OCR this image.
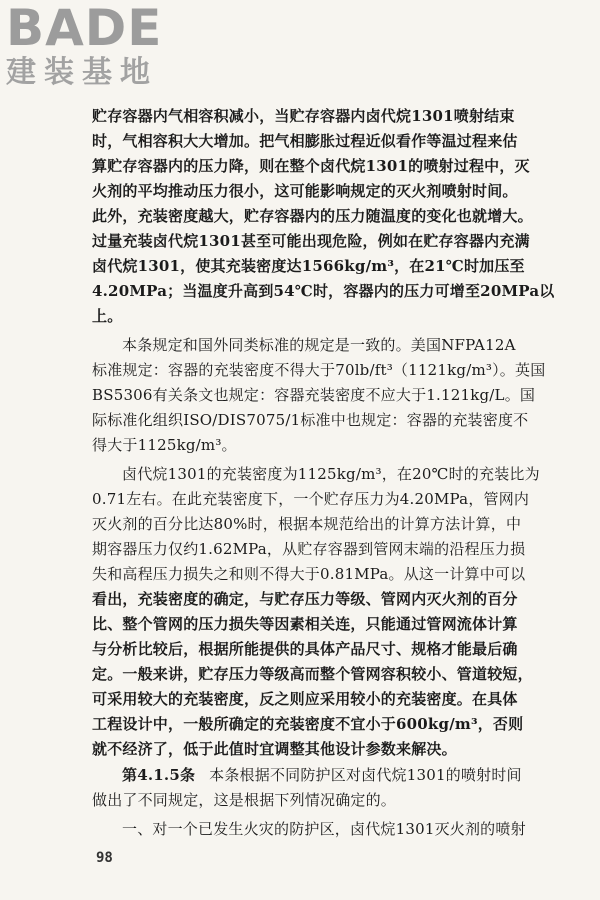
BADE
建装基地
贮存容器内气相容积减小，当贮存容器内卤代烷1301喷射结束
时，气相容积大大增加。把气相膨胀过程近似看作等温过程来估
算贮存容器内的压力降，则在整个卤代烷1301的喷射过程中，灭
火剂的平均推动压力很小，这可能影响规定的灭火剂喷射时间。
此外，充装密度越大，贮存容器内的压力随温度的变化也就增大。
过量充装卤代烷1301甚至可能出现危险，例如在贮存容器内充满
卤代烷1301，使其充装密度达1566kg/m³，在21℃时加压至
4.20MPa；当温度升高到54℃时，容器内的压力可增至20MPa以
上。
本条规定和国外同类标准的规定是一致的。美国NFPA12A
标准规定：容器的充装密度不得大于70lb/ft³（1121kg/m³）。英国
BS5306有关条文也规定：容器充装密度不应大于1.121kg/L。国
际标准化组织ISO/DIS7075/1标准中也规定：容器的充装密度不
得大于1125kg/m³。
卤代烷1301的充装密度为1125kg/m³，在20℃时的充装比为
0.71左右。在此充装密度下，一个贮存压力为4.20MPa，管网内
灭火剂的百分比达80%时，根据本规范给出的计算方法计算，中
期容器压力仅约1.62MPa，从贮存容器到管网末端的沿程压力损
失和高程压力损失之和则不得大于0.81MPa。从这一计算中可以
看出，充装密度的确定，与贮存压力等级、管网内灭火剂的百分
比、整个管网的压力损失等因素相关连，只能通过管网流体计算
与分析比较后，根据所能提供的具体产品尺寸、规格才能最后确
定。一般来讲，贮存压力等级高而整个管网容积较小、管道较短，
可采用较大的充装密度，反之则应采用较小的充装密度。在具体
工程设计中，一般所确定的充装密度不宜小于600kg/m³，否则
就不经济了，低于此值时宜调整其他设计参数来解决。
第4.1.5条 本条根据不同防护区对卤代烷1301的喷射时间
做出了不同规定，这是根据下列情况确定的。
一、对一个已发生火灾的防护区，卤代烷1301灭火剂的喷射
98
